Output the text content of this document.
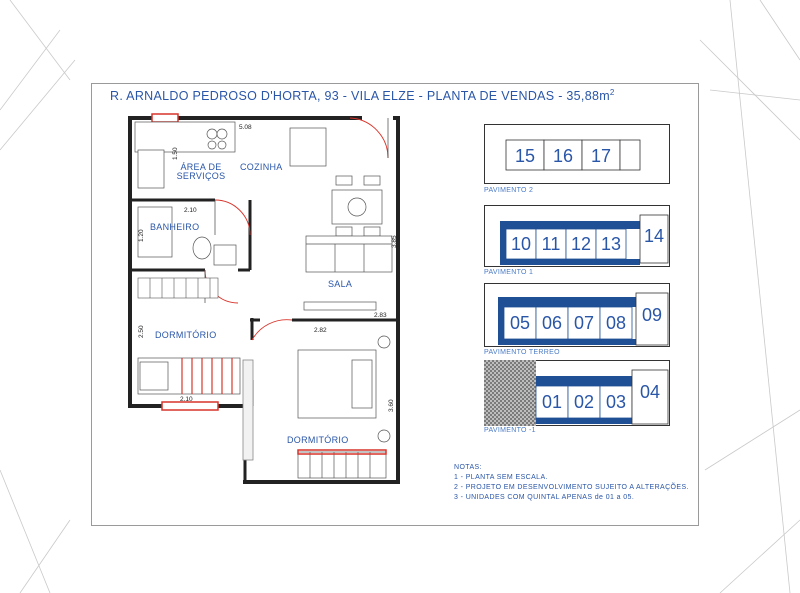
R. ARNALDO PEDROSO D'HORTA, 93 - VILA ELZE - PLANTA DE VENDAS - $35,88m^2$
ÁREA DE SERVIÇOS
COZINHA
BANHEIRO
SALA
DORMITÓRIO
DORMITÓRIO
5.08
1.50
2.10
1.20	3.85
2.83
2.50	2.82
2.10	3.60
15 16 17
PAVIMENTO 2
10 11 12 13 14
PAVIMENTO 1
05 06 07 08 09
PAVIMENTO TERREO
01 02 03 04
PAVIMENTO -1
NOTAS:
1 - PLANTA SEM ESCALA.
2 - PROJETO EM DESENVOLVIMENTO SUJEITO A ALTERAÇÕES.
3 - UNIDADES COM QUINTAL APENAS de 01 a 05.
